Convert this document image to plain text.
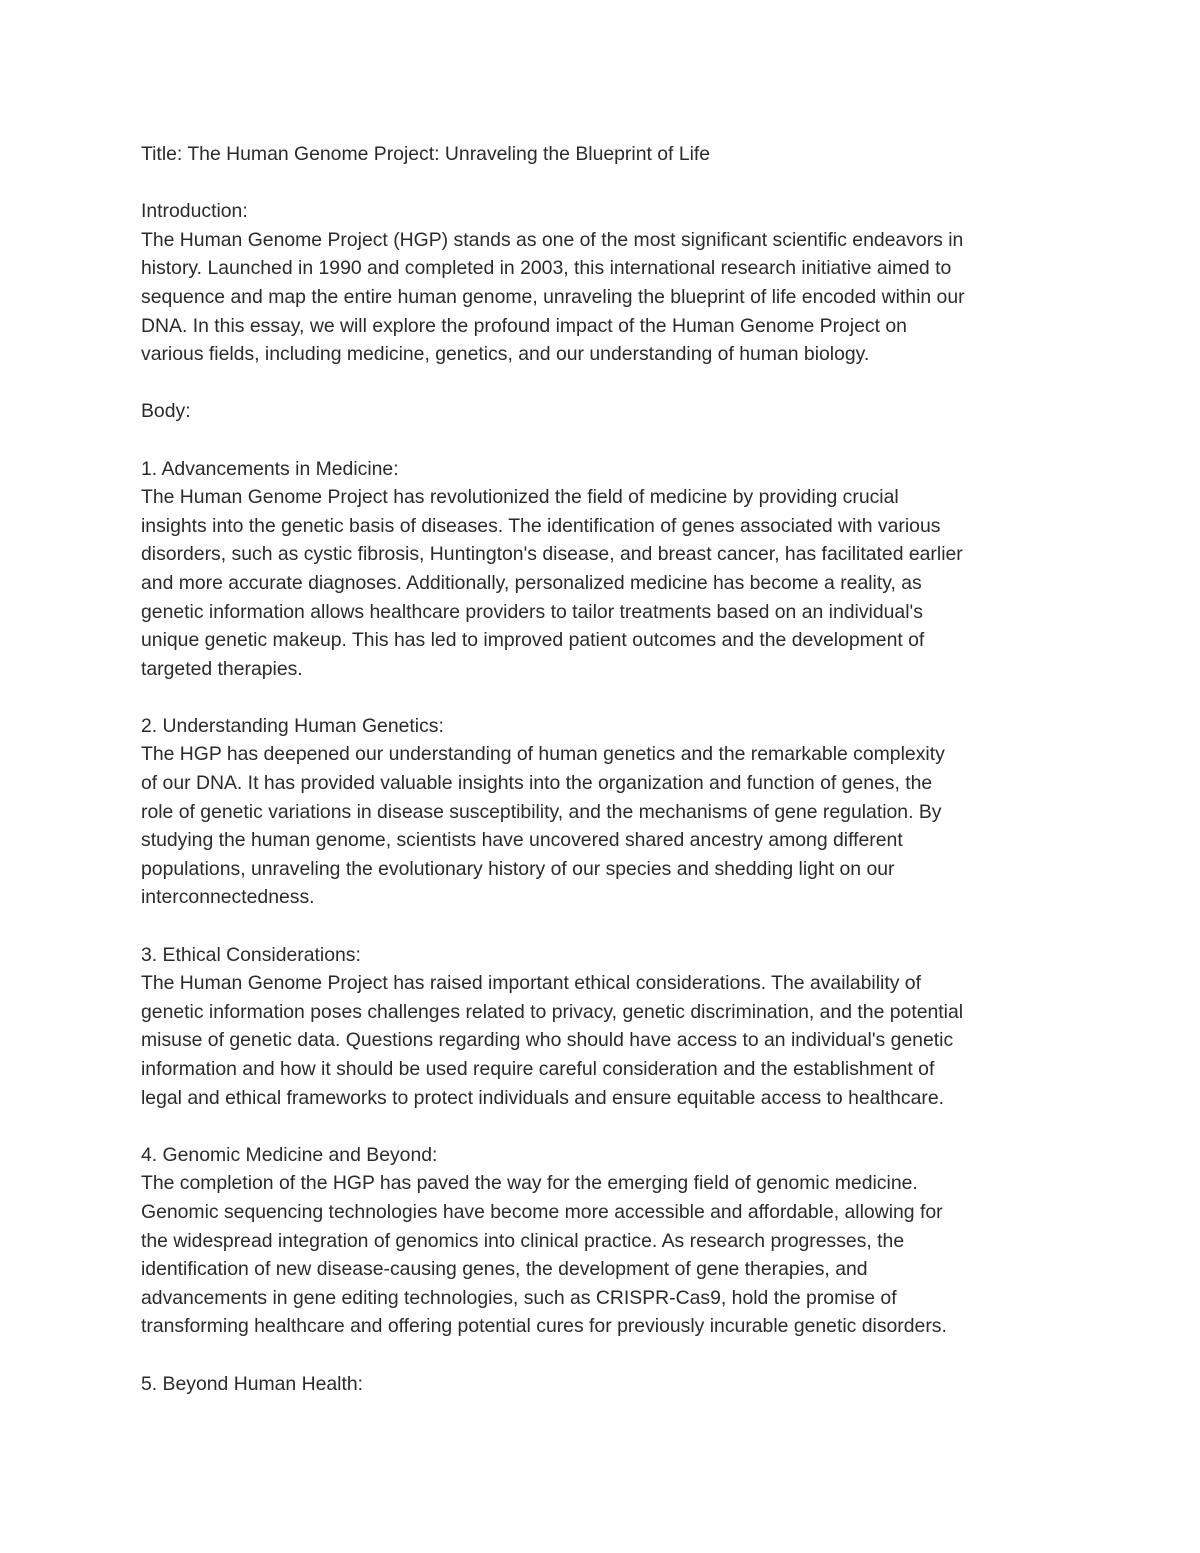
Title: The Human Genome Project: Unraveling the Blueprint of Life

Introduction:

The Human Genome Project (HGP) stands as one of the most significant scientific endeavors in

history. Launched in 1990 and completed in 2003, this international research initiative aimed to

sequence and map the entire human genome, unraveling the blueprint of life encoded within our

DNA. In this essay, we will explore the profound impact of the Human Genome Project on

various fields, including medicine, genetics, and our understanding of human biology.

Body:

1. Advancements in Medicine:

The Human Genome Project has revolutionized the field of medicine by providing crucial

insights into the genetic basis of diseases. The identification of genes associated with various

disorders, such as cystic fibrosis, Huntington's disease, and breast cancer, has facilitated earlier

and more accurate diagnoses. Additionally, personalized medicine has become a reality, as

genetic information allows healthcare providers to tailor treatments based on an individual's

unique genetic makeup. This has led to improved patient outcomes and the development of

targeted therapies.

2. Understanding Human Genetics:

The HGP has deepened our understanding of human genetics and the remarkable complexity

of our DNA. It has provided valuable insights into the organization and function of genes, the

role of genetic variations in disease susceptibility, and the mechanisms of gene regulation. By

studying the human genome, scientists have uncovered shared ancestry among different

populations, unraveling the evolutionary history of our species and shedding light on our

interconnectedness.

3. Ethical Considerations:

The Human Genome Project has raised important ethical considerations. The availability of

genetic information poses challenges related to privacy, genetic discrimination, and the potential

misuse of genetic data. Questions regarding who should have access to an individual's genetic

information and how it should be used require careful consideration and the establishment of

legal and ethical frameworks to protect individuals and ensure equitable access to healthcare.

4. Genomic Medicine and Beyond:

The completion of the HGP has paved the way for the emerging field of genomic medicine.

Genomic sequencing technologies have become more accessible and affordable, allowing for

the widespread integration of genomics into clinical practice. As research progresses, the

identification of new disease-causing genes, the development of gene therapies, and

advancements in gene editing technologies, such as CRISPR-Cas9, hold the promise of

transforming healthcare and offering potential cures for previously incurable genetic disorders.

5. Beyond Human Health:
